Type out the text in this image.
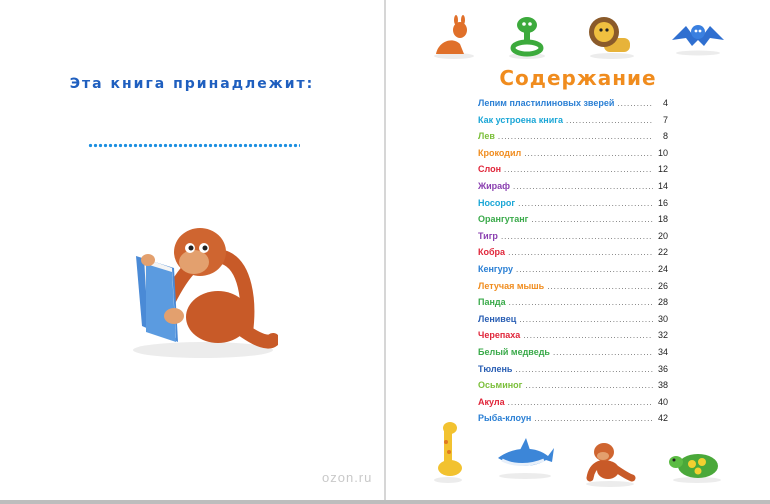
Эта книга принадлежит:	Содержание
Лепим пластилиновых зверей .....	4
Как устроена книга .....	7
Лев .....	8
Крокодил .....	10
Слон .....	12
Жираф .....	14
Носорог .....	16
Орангутанг .....	18
Тигр .....	20
Кобра .....	22
Кенгуру .....	24
Летучая мышь .....	26
Панда .....	28
Ленивец .....	30
Черепаха .....	32
Белый медведь .....	34
Тюлень .....	36
Осьминог .....	38
Акула .....	40
Рыба-клоун .....	42
ozon.ru
